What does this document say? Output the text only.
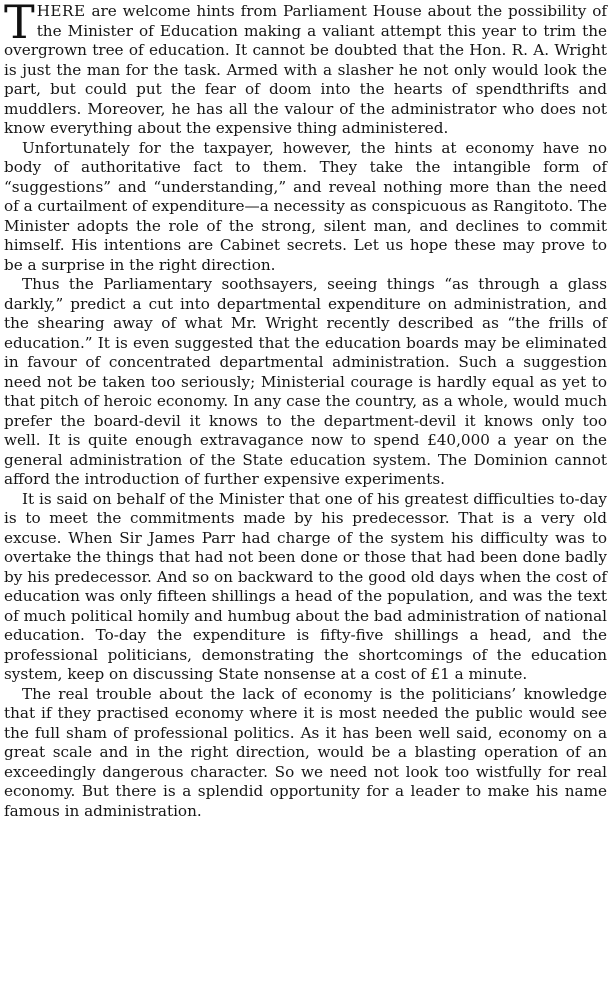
THERE are welcome hints from Parliament House about the possibility of the Minister of Education making a valiant attempt this year to trim the overgrown tree of education. It cannot be doubted that the Hon. R. A. Wright is just the man for the task. Armed with a slasher he not only would look the part, but could put the fear of doom into the hearts of spendthrifts and muddlers. Moreover, he has all the valour of the administrator who does not know everything about the expensive thing administered.

Unfortunately for the taxpayer, however, the hints at economy have no body of authoritative fact to them. They take the intangible form of “suggestions” and “understanding,” and reveal nothing more than the need of a curtailment of expenditure—a necessity as conspicuous as Rangitoto. The Minister adopts the role of the strong, silent man, and declines to commit himself. His intentions are Cabinet secrets. Let us hope these may prove to be a surprise in the right direction.

Thus the Parliamentary soothsayers, seeing things “as through a glass darkly,” predict a cut into departmental expenditure on administration, and the shearing away of what Mr. Wright recently described as “the frills of education.” It is even suggested that the education boards may be eliminated in favour of concentrated departmental administration. Such a suggestion need not be taken too seriously; Ministerial courage is hardly equal as yet to that pitch of heroic economy. In any case the country, as a whole, would much prefer the board-devil it knows to the department-devil it knows only too well. It is quite enough extravagance now to spend £40,000 a year on the general administration of the State education system. The Dominion cannot afford the introduction of further expensive experiments.

It is said on behalf of the Minister that one of his greatest difficulties to-day is to meet the commitments made by his predecessor. That is a very old excuse. When Sir James Parr had charge of the system his difficulty was to overtake the things that had not been done or those that had been done badly by his predecessor. And so on backward to the good old days when the cost of education was only fifteen shillings a head of the population, and was the text of much political homily and humbug about the bad administration of national education. To-day the expenditure is fifty-five shillings a head, and the professional politicians, demonstrating the shortcomings of the education system, keep on discussing State nonsense at a cost of £1 a minute.

The real trouble about the lack of economy is the politicians’ knowledge that if they practised economy where it is most needed the public would see the full sham of professional politics. As it has been well said, economy on a great scale and in the right direction, would be a blasting operation of an exceedingly dangerous character. So we need not look too wistfully for real economy. But there is a splendid opportunity for a leader to make his name famous in administration.
